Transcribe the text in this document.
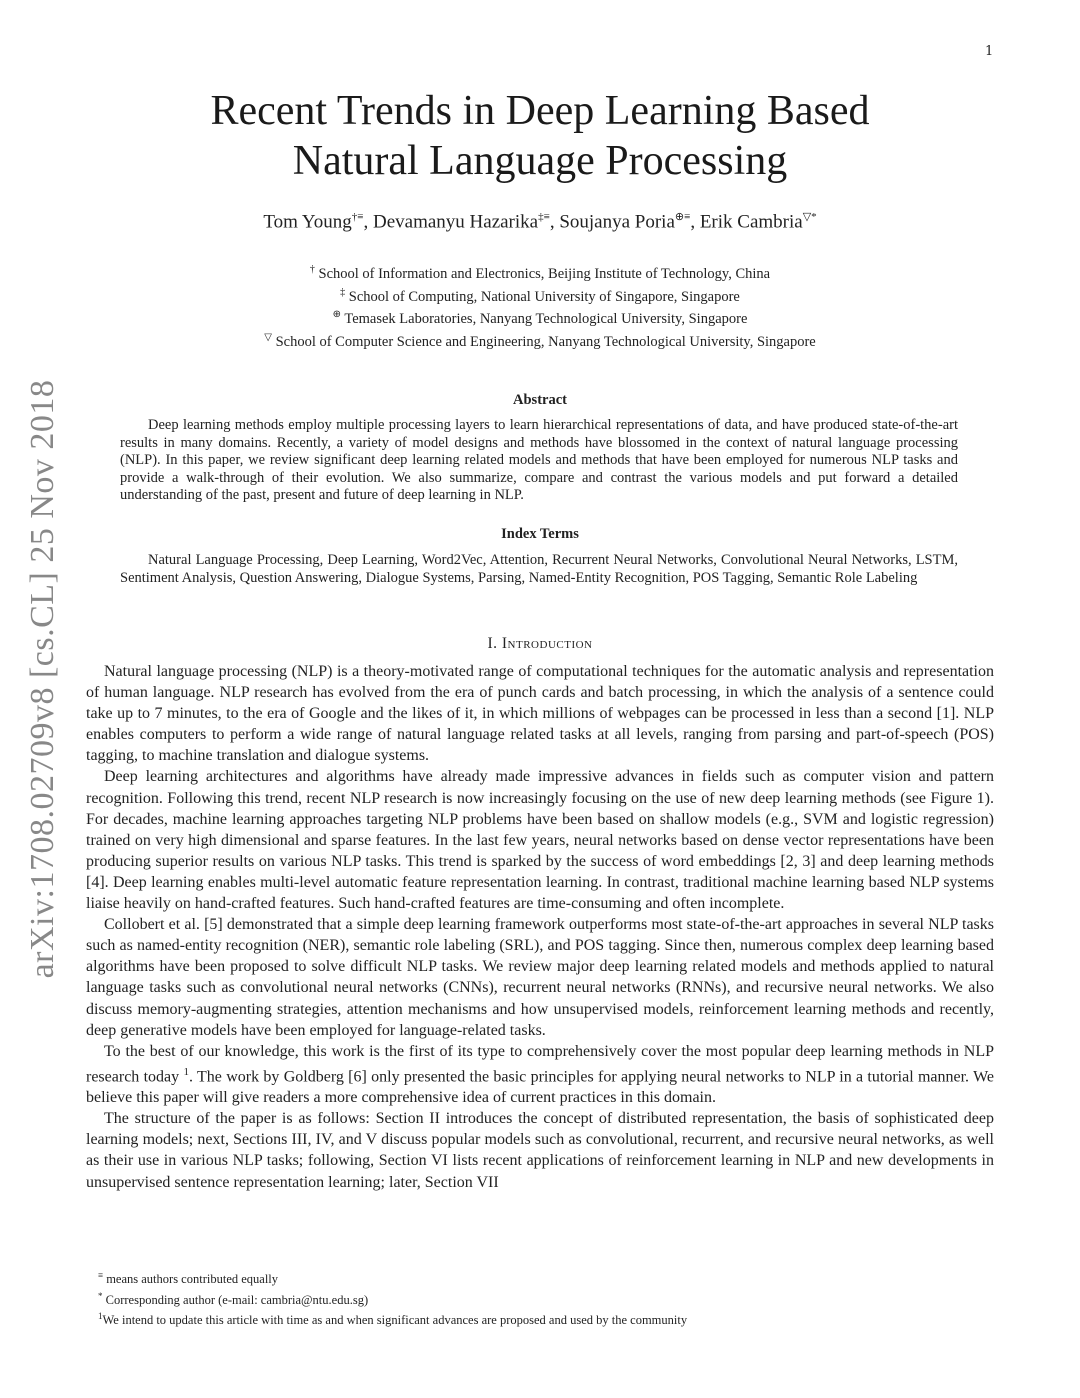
1
arXiv:1708.02709v8 [cs.CL] 25 Nov 2018
Recent Trends in Deep Learning Based
Natural Language Processing
Tom Young†≡, Devamanyu Hazarika‡≡, Soujanya Poria⊕≡, Erik Cambria▽*
† School of Information and Electronics, Beijing Institute of Technology, China
‡ School of Computing, National University of Singapore, Singapore
⊕ Temasek Laboratories, Nanyang Technological University, Singapore
▽ School of Computer Science and Engineering, Nanyang Technological University, Singapore
Abstract

Deep learning methods employ multiple processing layers to learn hierarchical representations of data, and have produced state-of-the-art results in many domains. Recently, a variety of model designs and methods have blossomed in the context of natural language processing (NLP). In this paper, we review significant deep learning related models and methods that have been employed for numerous NLP tasks and provide a walk-through of their evolution. We also summarize, compare and contrast the various models and put forward a detailed understanding of the past, present and future of deep learning in NLP.

Index Terms

Natural Language Processing, Deep Learning, Word2Vec, Attention, Recurrent Neural Networks, Convolutional Neural Networks, LSTM, Sentiment Analysis, Question Answering, Dialogue Systems, Parsing, Named-Entity Recognition, POS Tagging, Semantic Role Labeling

I. Introduction

Natural language processing (NLP) is a theory-motivated range of computational techniques for the automatic analysis and representation of human language. NLP research has evolved from the era of punch cards and batch processing, in which the analysis of a sentence could take up to 7 minutes, to the era of Google and the likes of it, in which millions of webpages can be processed in less than a second [1]. NLP enables computers to perform a wide range of natural language related tasks at all levels, ranging from parsing and part-of-speech (POS) tagging, to machine translation and dialogue systems.

Deep learning architectures and algorithms have already made impressive advances in fields such as computer vision and pattern recognition. Following this trend, recent NLP research is now increasingly focusing on the use of new deep learning methods (see Figure 1). For decades, machine learning approaches targeting NLP problems have been based on shallow models (e.g., SVM and logistic regression) trained on very high dimensional and sparse features. In the last few years, neural networks based on dense vector representations have been producing superior results on various NLP tasks. This trend is sparked by the success of word embeddings [2, 3] and deep learning methods [4]. Deep learning enables multi-level automatic feature representation learning. In contrast, traditional machine learning based NLP systems liaise heavily on hand-crafted features. Such hand-crafted features are time-consuming and often incomplete.

Collobert et al. [5] demonstrated that a simple deep learning framework outperforms most state-of-the-art approaches in several NLP tasks such as named-entity recognition (NER), semantic role labeling (SRL), and POS tagging. Since then, numerous complex deep learning based algorithms have been proposed to solve difficult NLP tasks. We review major deep learning related models and methods applied to natural language tasks such as convolutional neural networks (CNNs), recurrent neural networks (RNNs), and recursive neural networks. We also discuss memory-augmenting strategies, attention mechanisms and how unsupervised models, reinforcement learning methods and recently, deep generative models have been employed for language-related tasks.

To the best of our knowledge, this work is the first of its type to comprehensively cover the most popular deep learning methods in NLP research today $^1$. The work by Goldberg [6] only presented the basic principles for applying neural networks to NLP in a tutorial manner. We believe this paper will give readers a more comprehensive idea of current practices in this domain.

The structure of the paper is as follows: Section II introduces the concept of distributed representation, the basis of sophisticated deep learning models; next, Sections III, IV, and V discuss popular models such as convolutional, recurrent, and recursive neural networks, as well as their use in various NLP tasks; following, Section VI lists recent applications of reinforcement learning in NLP and new developments in unsupervised sentence representation learning; later, Section VII

≡ means authors contributed equally
* Corresponding author (e-mail: cambria@ntu.edu.sg)
$^1$We intend to update this article with time as and when significant advances are proposed and used by the community
